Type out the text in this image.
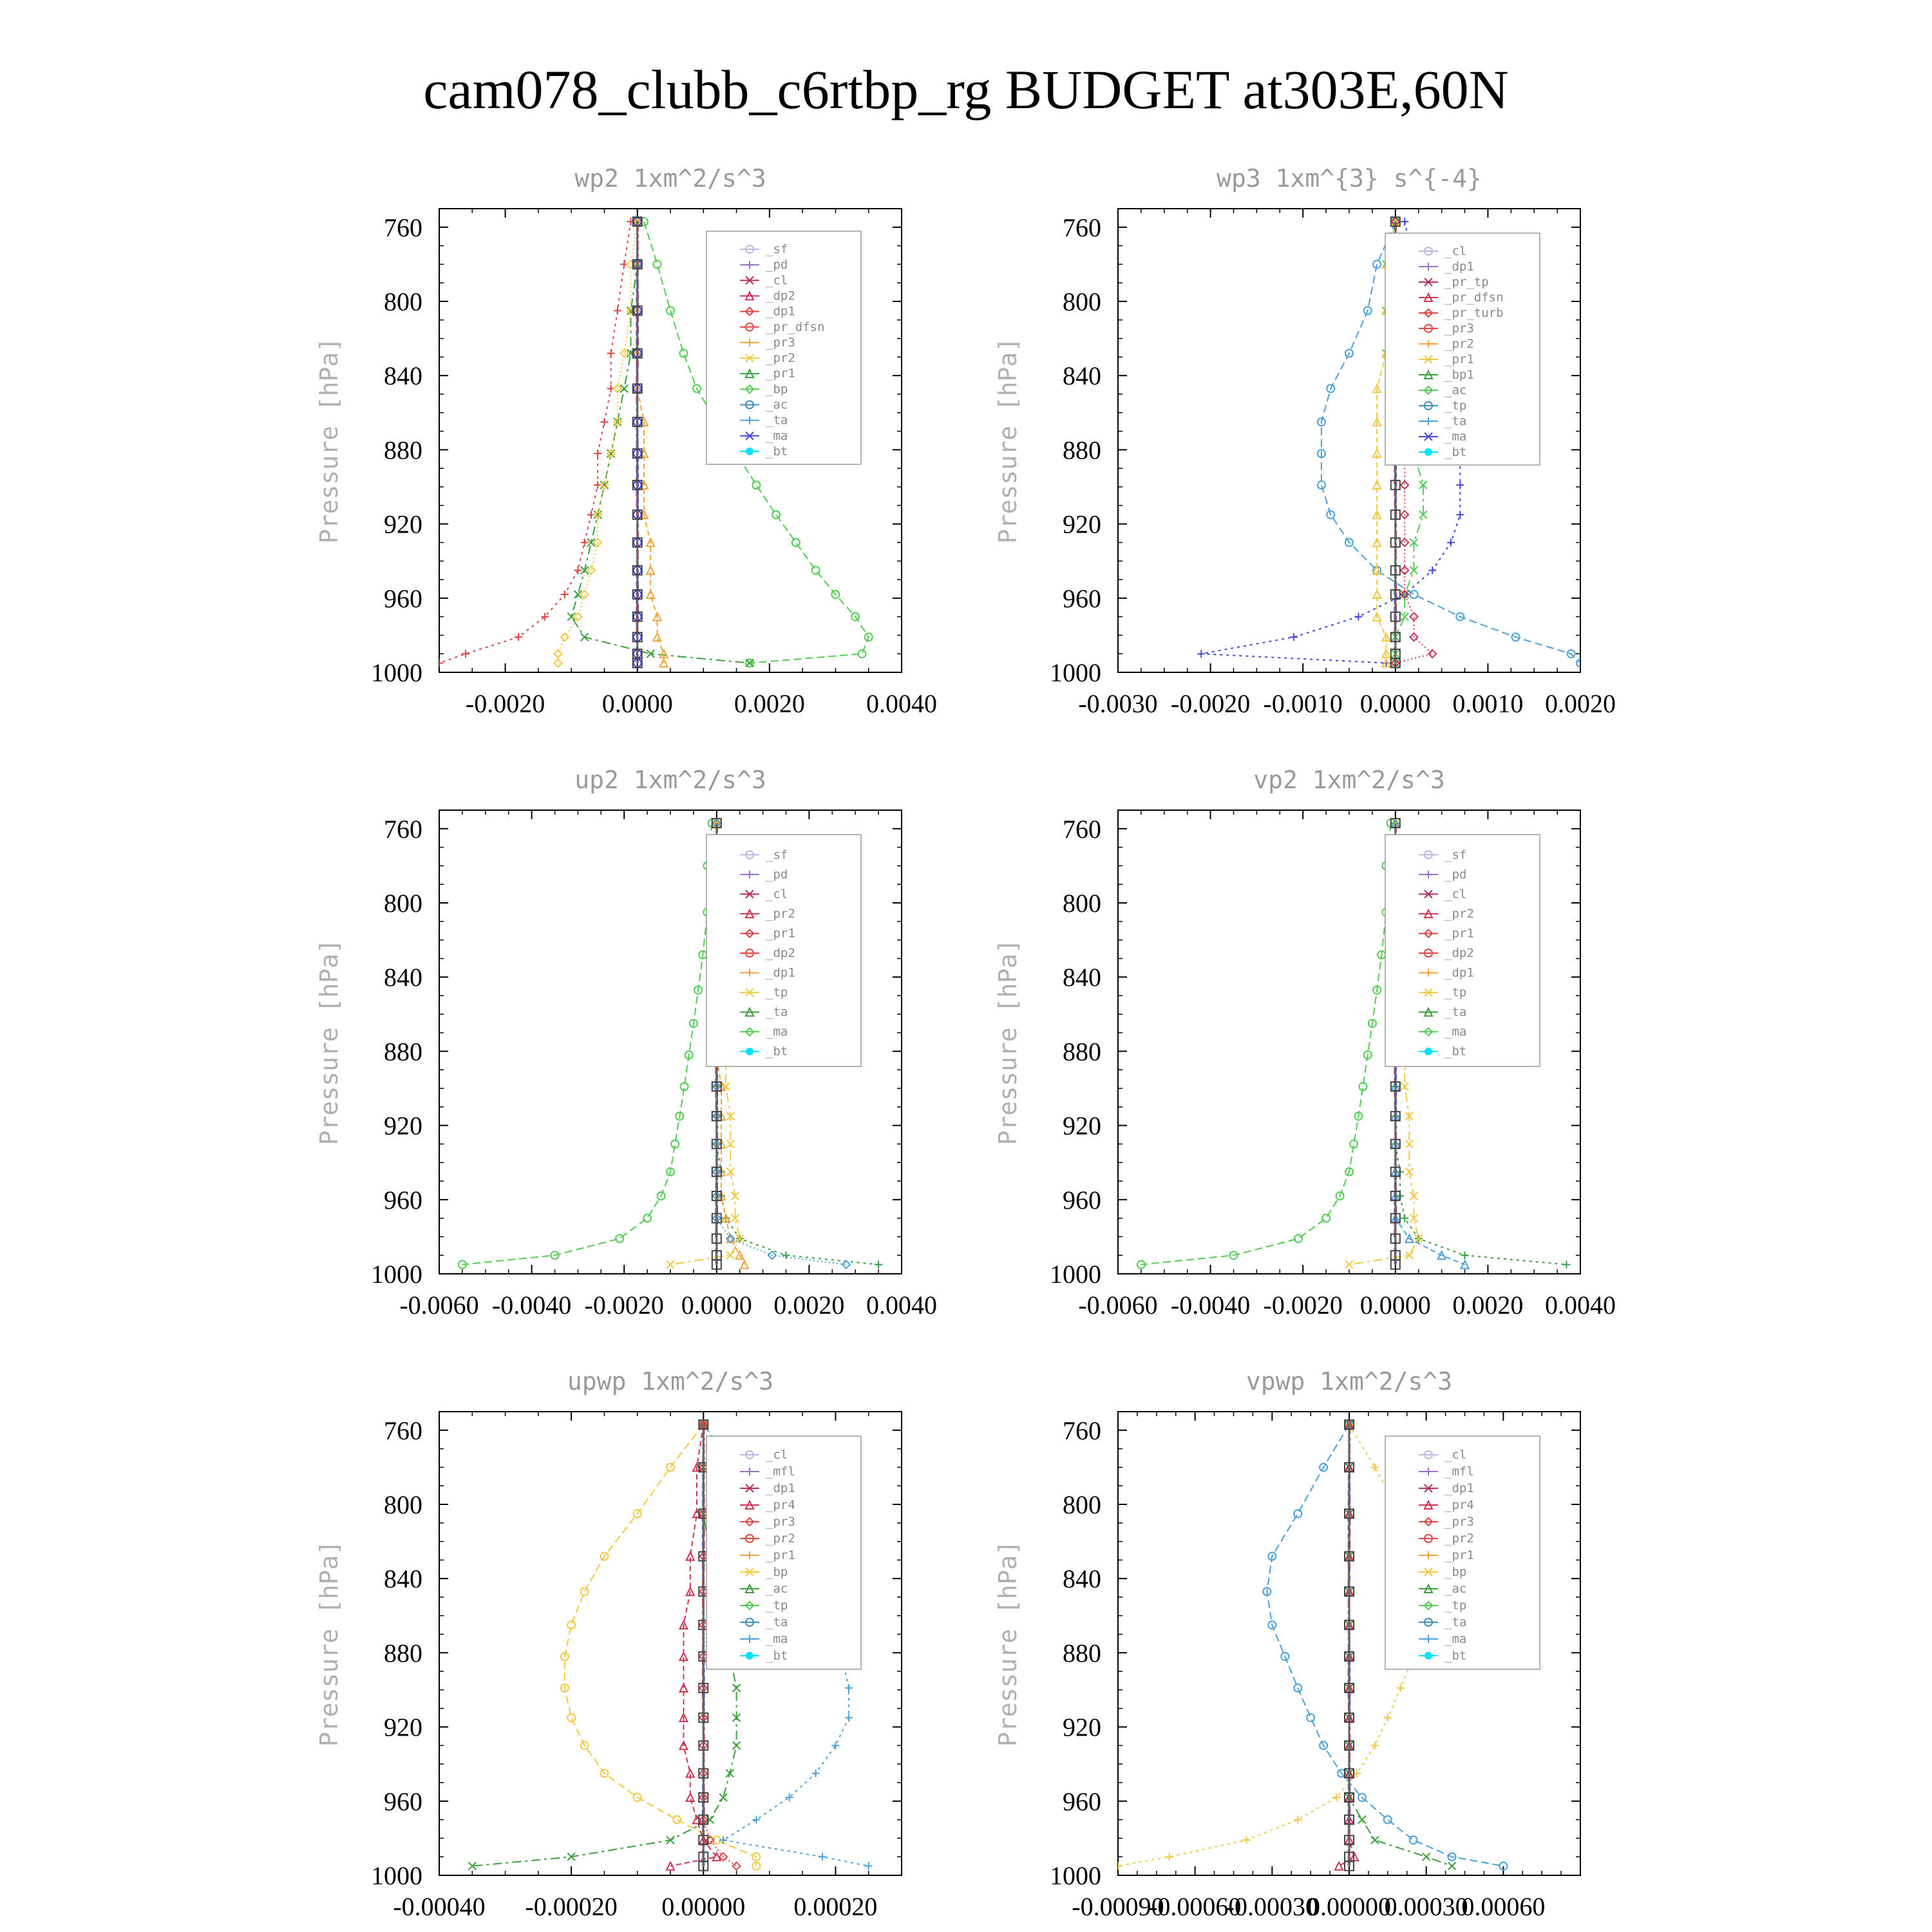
cam078_clubb_c6rtbp_rg BUDGET at303E,60N
wp2 1xm^2/s^3
Pressure [hPa]
760
800
840
880
920
960
1000
-0.0020 0.0000 0.0020 0.0040
_sf
_pd
_cl
_dp2
_dp1
_pr_dfsn
_pr3
_pr2
_pr1
_bp
_ac
_ta
_ma
_bt
wp3 1xm^{3} s^{-4}
Pressure [hPa]
760
800
840
880
920
960
1000
-0.0030 -0.0020 -0.0010 0.0000 0.0010 0.0020
_cl
_dp1
_pr_tp
_pr_dfsn
_pr_turb
_pr3
_pr2
_pr1
_bp1
_ac
_tp
_ta
_ma
_bt
up2 1xm^2/s^3
Pressure [hPa]
760
800
840
880
920
960
1000
-0.0060 -0.0040 -0.0020 0.0000 0.0020 0.0040
_sf
_pd
_cl
_pr2
_pr1
_dp2
_dp1
_tp
_ta
_ma
_bt
vp2 1xm^2/s^3
Pressure [hPa]
760
800
840
880
920
960
1000
-0.0060 -0.0040 -0.0020 0.0000 0.0020 0.0040
_sf
_pd
_cl
_pr2
_pr1
_dp2
_dp1
_tp
_ta
_ma
_bt
upwp 1xm^2/s^3
Pressure [hPa]
760
800
840
880
920
960
1000
-0.00040 -0.00020 0.00000 0.00020
_cl
_mfl
_dp1
_pr4
_pr3
_pr2
_pr1
_bp
_ac
_tp
_ta
_ma
_bt
vpwp 1xm^2/s^3
Pressure [hPa]
760
800
840
880
920
960
1000
-0.00090
-0.00060
-0.00030
0.00000
0.00030
0.00060
_cl
_mfl
_dp1
_pr4
_pr3
_pr2
_pr1
_bp
_ac
_tp
_ta
_ma
_bt
